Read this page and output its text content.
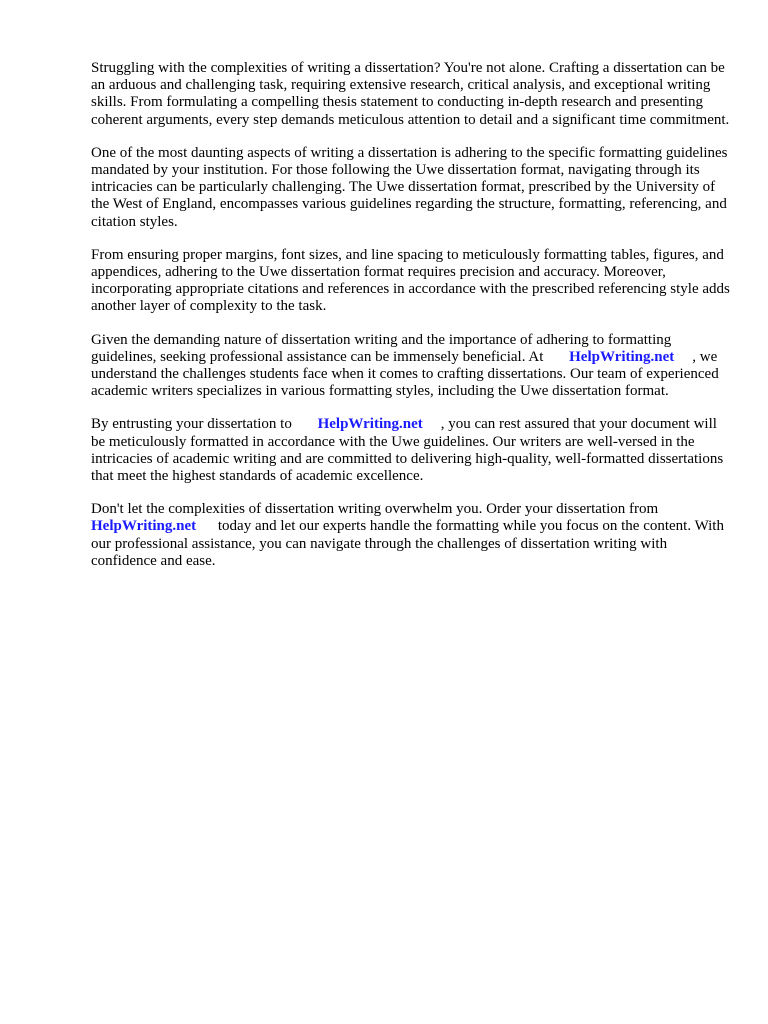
Struggling with the complexities of writing a dissertation? You're not alone. Crafting a dissertation can be an arduous and challenging task, requiring extensive research, critical analysis, and exceptional writing skills. From formulating a compelling thesis statement to conducting in-depth research and presenting coherent arguments, every step demands meticulous attention to detail and a significant time commitment.

One of the most daunting aspects of writing a dissertation is adhering to the specific formatting guidelines mandated by your institution. For those following the Uwe dissertation format, navigating through its intricacies can be particularly challenging. The Uwe dissertation format, prescribed by the University of the West of England, encompasses various guidelines regarding the structure, formatting, referencing, and citation styles.

From ensuring proper margins, font sizes, and line spacing to meticulously formatting tables, figures, and appendices, adhering to the Uwe dissertation format requires precision and accuracy. Moreover, incorporating appropriate citations and references in accordance with the prescribed referencing style adds another layer of complexity to the task.

Given the demanding nature of dissertation writing and the importance of adhering to formatting guidelines, seeking professional assistance can be immensely beneficial. At HelpWriting.net , we understand the challenges students face when it comes to crafting dissertations. Our team of experienced academic writers specializes in various formatting styles, including the Uwe dissertation format.

By entrusting your dissertation to HelpWriting.net , you can rest assured that your document will be meticulously formatted in accordance with the Uwe guidelines. Our writers are well-versed in the intricacies of academic writing and are committed to delivering high-quality, well-formatted dissertations that meet the highest standards of academic excellence.

Don't let the complexities of dissertation writing overwhelm you. Order your dissertation from HelpWriting.net today and let our experts handle the formatting while you focus on the content. With our professional assistance, you can navigate through the challenges of dissertation writing with confidence and ease.
